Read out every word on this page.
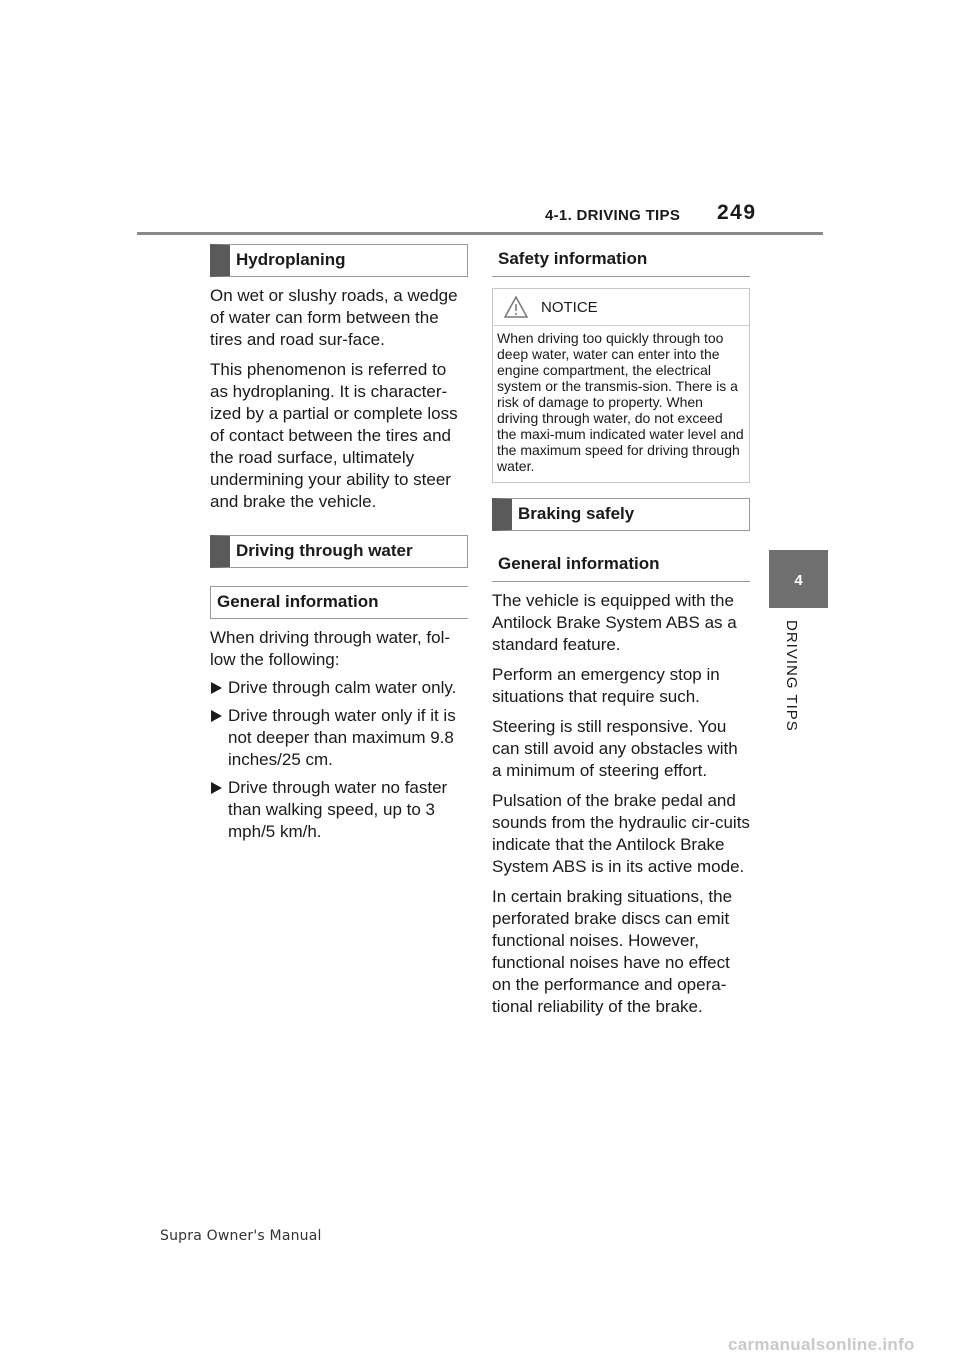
4-1. DRIVING TIPS 249
4
DRIVING TIPS
Hydroplaning

On wet or slushy roads, a wedge of water can form between the tires and road sur-face.

This phenomenon is referred to as hydroplaning. It is character-ized by a partial or complete loss of contact between the tires and the road surface, ultimately undermining your ability to steer and brake the vehicle.

Driving through water
General information

When driving through water, fol-low the following:

Drive through calm water only.
Drive through water only if it is not deeper than maximum 9.8 inches/25 cm.
Drive through water no faster than walking speed, up to 3 mph/5 km/h.
Safety information
NOTICE

When driving too quickly through too deep water, water can enter into the engine compartment, the electrical system or the transmis-sion. There is a risk of damage to property. When driving through water, do not exceed the maxi-mum indicated water level and the maximum speed for driving through water.

Braking safely
General information

The vehicle is equipped with the Antilock Brake System ABS as a standard feature.

Perform an emergency stop in situations that require such.

Steering is still responsive. You can still avoid any obstacles with a minimum of steering effort.

Pulsation of the brake pedal and sounds from the hydraulic cir-cuits indicate that the Antilock Brake System ABS is in its active mode.

In certain braking situations, the perforated brake discs can emit functional noises. However, functional noises have no effect on the performance and opera-tional reliability of the brake.

Supra Owner's Manual
carmanualsonline.info
